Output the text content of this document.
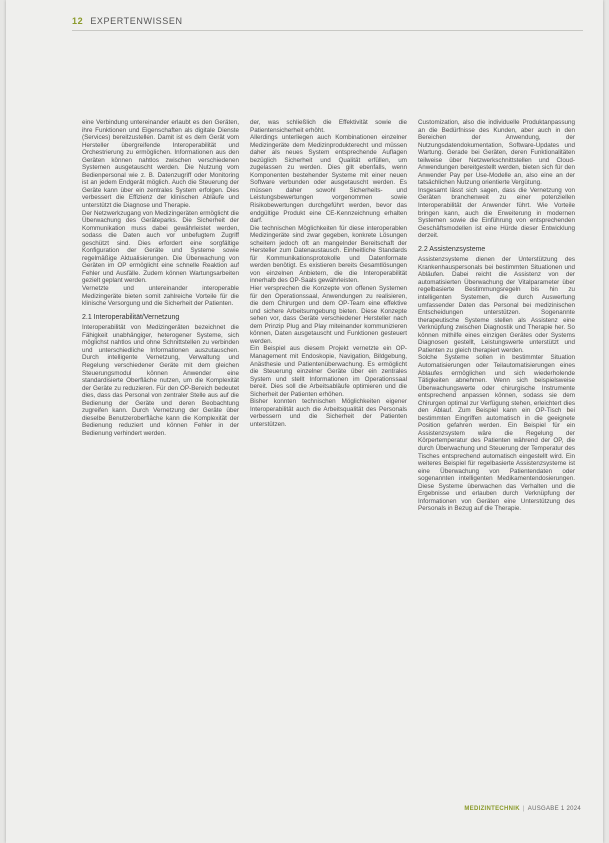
12 EXPERTENWISSEN

eine Verbindung untereinander erlaubt es den Geräten, ihre Funktionen und Eigenschaften als digitale Dienste (Services) bereitzustellen. Damit ist es dem Gerät vom Hersteller übergreifende Interoperabilität und Orchestrierung zu ermöglichen. Informationen aus den Geräten können nahtlos zwischen verschiedenen Systemen ausgetauscht werden. Die Nutzung vom Bedienpersonal wie z. B. Datenzugriff oder Monitoring ist an jedem Endgerät möglich. Auch die Steuerung der Geräte kann über ein zentrales System erfolgen. Dies verbessert die Effizienz der klinischen Abläufe und unterstützt die Diagnose und Therapie.

Der Netzwerkzugang von Medizingeräten ermöglicht die Überwachung des Geräteparks. Die Sicherheit der Kommunikation muss dabei gewährleistet werden, sodass die Daten auch vor unbefugtem Zugriff geschützt sind. Dies erfordert eine sorgfältige Konfiguration der Geräte und Systeme sowie regelmäßige Aktualisierungen. Die Überwachung von Geräten im OP ermöglicht eine schnelle Reaktion auf Fehler und Ausfälle. Zudem können Wartungsarbeiten gezielt geplant werden.

Vernetzte und untereinander interoperable Medizingeräte bieten somit zahlreiche Vorteile für die klinische Versorgung und die Sicherheit der Patienten.

2.1 Interoperabilität/Vernetzung

Interoperabilität von Medizingeräten bezeichnet die Fähigkeit unabhängiger, heterogener Systeme, sich möglichst nahtlos und ohne Schnittstellen zu verbinden und unterschiedliche Informationen auszutauschen. Durch intelligente Vernetzung, Verwaltung und Regelung verschiedener Geräte mit dem gleichen Steuerungsmodul können Anwender eine standardisierte Oberfläche nutzen, um die Komplexität der Geräte zu reduzieren. Für den OP-Bereich bedeutet dies, dass das Personal von zentraler Stelle aus auf die Bedienung der Geräte und deren Beobachtung zugreifen kann. Durch Vernetzung der Geräte über dieselbe Benutzeroberfläche kann die Komplexität der Bedienung reduziert und können Fehler in der Bedienung verhindert werden.

der, was schließlich die Effektivität sowie die Patientensicherheit erhöht.

Allerdings unterliegen auch Kombinationen einzelner Medizingeräte dem Medizinprodukterecht und müssen daher als neues System entsprechende Auflagen bezüglich Sicherheit und Qualität erfüllen, um zugelassen zu werden. Dies gilt ebenfalls, wenn Komponenten bestehender Systeme mit einer neuen Software verbunden oder ausgetauscht werden. Es müssen daher sowohl Sicherheits- und Leistungsbewertungen vorgenommen sowie Risikobewertungen durchgeführt werden, bevor das endgültige Produkt eine CE-Kennzeichnung erhalten darf.

Die technischen Möglichkeiten für diese interoperablen Medizingeräte sind zwar gegeben, konkrete Lösungen scheitern jedoch oft an mangelnder Bereitschaft der Hersteller zum Datenaustausch. Einheitliche Standards für Kommunikationsprotokolle und Datenformate werden benötigt. Es existieren bereits Gesamtlösungen von einzelnen Anbietern, die die Interoperabilität innerhalb des OP-Saals gewährleisten.

Hier versprechen die Konzepte von offenen Systemen für den Operationssaal, Anwendungen zu realisieren, die dem Chirurgen und dem OP-Team eine effektive und sichere Arbeitsumgebung bieten. Diese Konzepte sehen vor, dass Geräte verschiedener Hersteller nach dem Prinzip Plug and Play miteinander kommunizieren können, Daten ausgetauscht und Funktionen gesteuert werden.

Ein Beispiel aus diesem Projekt vernetzte ein OP-Management mit Endoskopie, Navigation, Bildgebung, Anästhesie und Patientenüberwachung. Es ermöglicht die Steuerung einzelner Geräte über ein zentrales System und stellt Informationen im Operationssaal bereit. Dies soll die Arbeitsabläufe optimieren und die Sicherheit der Patienten erhöhen.

Bisher konnten technischen Möglichkeiten eigener Interoperabilität auch die Arbeitsqualität des Personals verbessern und die Sicherheit der Patienten unterstützen.

Customization, also die individuelle Produktanpassung an die Bedürfnisse des Kunden, aber auch in den Bereichen der Anwendung, der Nutzungsdatendokumentation, Software-Updates und Wartung. Gerade bei Geräten, deren Funktionalitäten teilweise über Netzwerkschnittstellen und Cloud-Anwendungen bereitgestellt werden, bieten sich für den Anwender Pay per Use-Modelle an, also eine an der tatsächlichen Nutzung orientierte Vergütung.

Insgesamt lässt sich sagen, dass die Vernetzung von Geräten branchenweit zu einer potenziellen Interoperabilität der Anwender führt. Wie Vorteile bringen kann, auch die Erweiterung in modernen Systemen sowie die Einführung von entsprechenden Geschäftsmodellen ist eine Hürde dieser Entwicklung derzeit.

2.2 Assistenzsysteme

Assistenzsysteme dienen der Unterstützung des Krankenhauspersonals bei bestimmten Situationen und Abläufen. Dabei reicht die Assistenz von der automatisierten Überwachung der Vitalparameter über regelbasierte Bestimmungsregeln bis hin zu intelligenten Systemen, die durch Auswertung umfassender Daten das Personal bei medizinischen Entscheidungen unterstützen. Sogenannte therapeutische Systeme stellen als Assistenz eine Verknüpfung zwischen Diagnostik und Therapie her. So können mithilfe eines einzigen Gerätes oder Systems Diagnosen gestellt, Leistungswerte unterstützt und Patienten zu gleich therapiert werden.

Solche Systeme sollen in bestimmter Situation Automatisierungen oder Teilautomatisierungen eines Ablaufes ermöglichen und sich wiederholende Tätigkeiten abnehmen. Wenn sich beispielsweise Überwachungswerte oder chirurgische Instrumente entsprechend anpassen können, sodass sie dem Chirurgen optimal zur Verfügung stehen, erleichtert dies den Ablauf. Zum Beispiel kann ein OP-Tisch bei bestimmten Eingriffen automatisch in die geeignete Position gefahren werden. Ein Beispiel für ein Assistenzsystem wäre die Regelung der Körpertemperatur des Patienten während der OP, die durch Überwachung und Steuerung der Temperatur des Tisches entsprechend automatisch eingestellt wird. Ein weiteres Beispiel für regelbasierte Assistenzsysteme ist eine Überwachung von Patientendaten oder sogenannten intelligenten Medikamentendosierungen. Diese Systeme überwachen das Verhalten und die Ergebnisse und erlauben durch Verknüpfung der Informationen von Geräten eine Unterstützung des Personals in Bezug auf die Therapie.

MEDIZINTECHNIK | AUSGABE 1 2024
